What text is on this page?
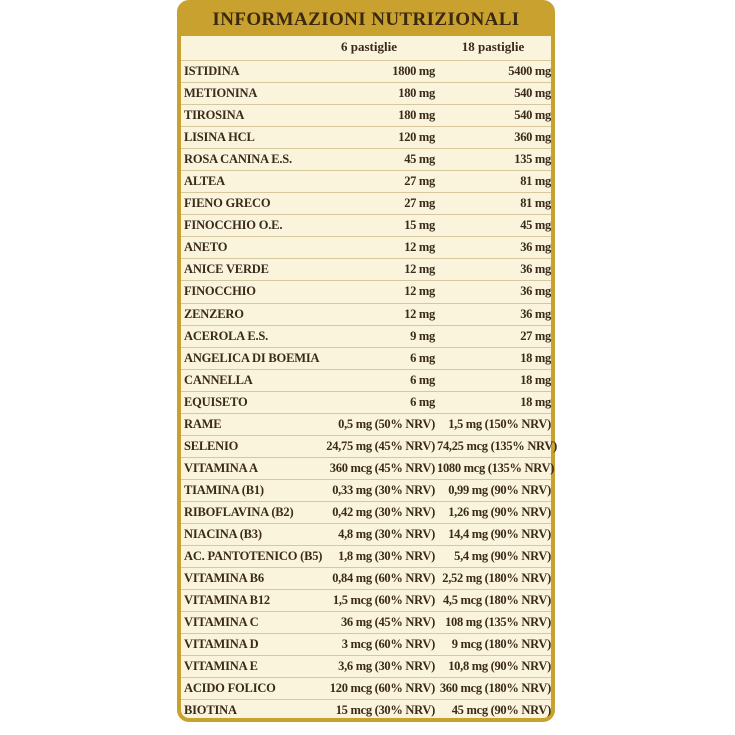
INFORMAZIONI NUTRIZIONALI
6 pastiglie	18 pastiglie
ISTIDINA	1800 mg	5400 mg
METIONINA	180 mg	540 mg
TIROSINA	180 mg	540 mg
LISINA HCL	120 mg	360 mg
ROSA CANINA E.S.	45 mg	135 mg
ALTEA	27 mg	81 mg
FIENO GRECO	27 mg	81 mg
FINOCCHIO O.E.	15 mg	45 mg
ANETO	12 mg	36 mg
ANICE VERDE	12 mg	36 mg
FINOCCHIO	12 mg	36 mg
ZENZERO	12 mg	36 mg
ACEROLA E.S.	9 mg	27 mg
ANGELICA DI BOEMIA	6 mg	18 mg
CANNELLA	6 mg	18 mg
EQUISETO	6 mg	18 mg
RAME	0,5 mg (50% NRV)	1,5 mg (150% NRV)
SELENIO	24,75 mg (45% NRV) 74,25 mcg (135% NRV)
VITAMINA A	360 mcg (45% NRV) 1080 mcg (135% NRV)
TIAMINA (B1)	0,33 mg (30% NRV)	0,99 mg (90% NRV)
RIBOFLAVINA (B2)	0,42 mg (30% NRV)	1,26 mg (90% NRV)
NIACINA (B3)	4,8 mg (30% NRV)	14,4 mg (90% NRV)
AC. PANTOTENICO (B5)	1,8 mg (30% NRV)	5,4 mg (90% NRV)
VITAMINA B6	0,84 mg (60% NRV) 2,52 mg (180% NRV)
VITAMINA B12	1,5 mcg (60% NRV) 4,5 mcg (180% NRV)
VITAMINA C	36 mg (45% NRV) 108 mg (135% NRV)
VITAMINA D	3 mcg (60% NRV)	9 mcg (180% NRV)
VITAMINA E	3,6 mg (30% NRV)	10,8 mg (90% NRV)
ACIDO FOLICO	120 mcg (60% NRV) 360 mcg (180% NRV)
BIOTINA	15 mcg (30% NRV)	45 mcg (90% NRV)
